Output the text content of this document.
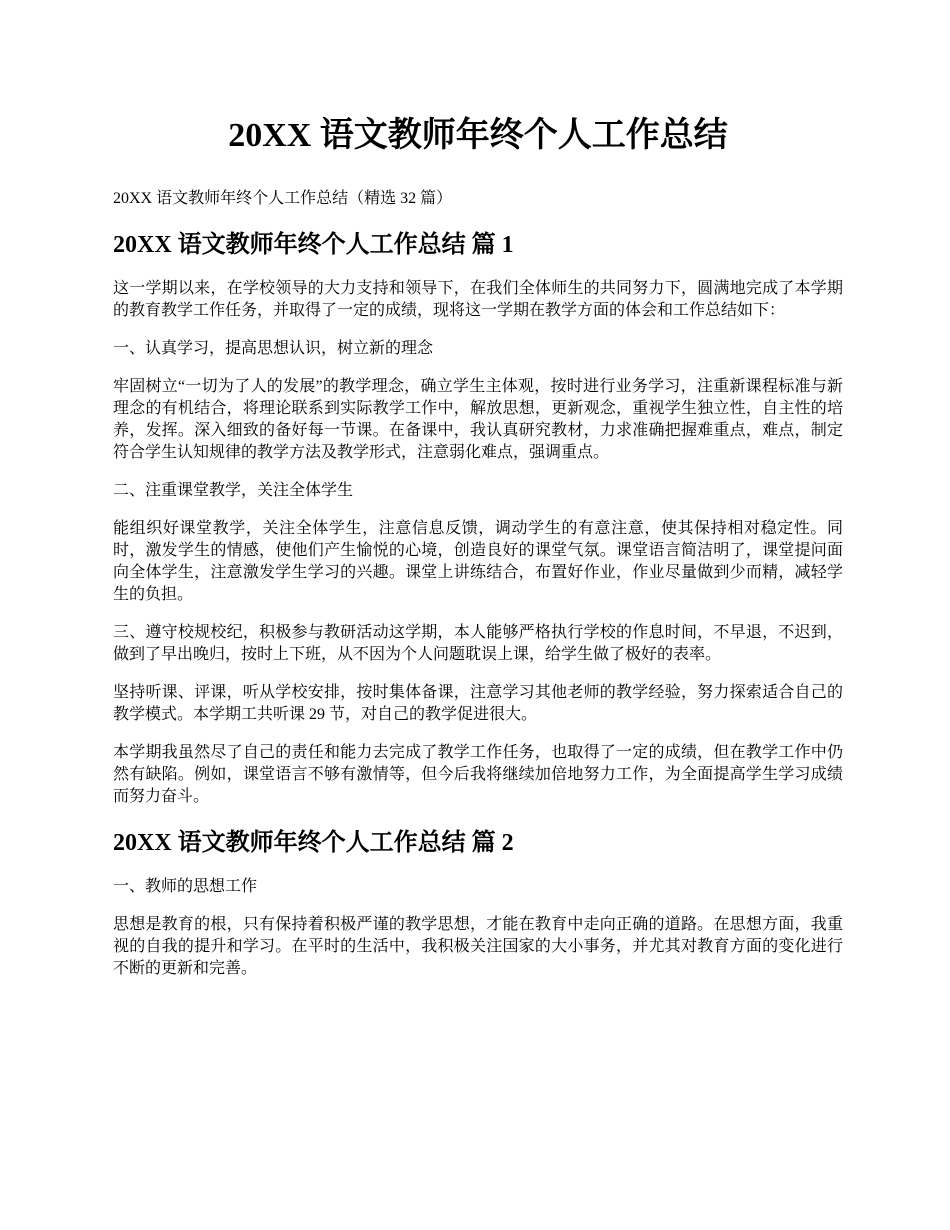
20XX 语文教师年终个人工作总结

20XX 语文教师年终个人工作总结（精选 32 篇）

20XX 语文教师年终个人工作总结 篇 1

这一学期以来，在学校领导的大力支持和领导下，在我们全体师生的共同努力下，圆满地完成了本学期的教育教学工作任务，并取得了一定的成绩，现将这一学期在教学方面的体会和工作总结如下：

一、认真学习，提高思想认识，树立新的理念

牢固树立“一切为了人的发展”的教学理念，确立学生主体观，按时进行业务学习，注重新课程标准与新理念的有机结合，将理论联系到实际教学工作中，解放思想，更新观念，重视学生独立性，自主性的培养，发挥。深入细致的备好每一节课。在备课中，我认真研究教材，力求准确把握难重点，难点，制定符合学生认知规律的教学方法及教学形式，注意弱化难点，强调重点。

二、注重课堂教学，关注全体学生

能组织好课堂教学，关注全体学生，注意信息反馈，调动学生的有意注意，使其保持相对稳定性。同时，激发学生的情感，使他们产生愉悦的心境，创造良好的课堂气氛。课堂语言简洁明了，课堂提问面向全体学生，注意激发学生学习的兴趣。课堂上讲练结合，布置好作业，作业尽量做到少而精，减轻学生的负担。

三、遵守校规校纪，积极参与教研活动这学期，本人能够严格执行学校的作息时间，不早退，不迟到，做到了早出晚归，按时上下班，从不因为个人问题耽误上课，给学生做了极好的表率。

坚持听课、评课，听从学校安排，按时集体备课，注意学习其他老师的教学经验，努力探索适合自己的教学模式。本学期工共听课 29 节，对自己的教学促进很大。

本学期我虽然尽了自己的责任和能力去完成了教学工作任务，也取得了一定的成绩，但在教学工作中仍然有缺陷。例如，课堂语言不够有激情等，但今后我将继续加倍地努力工作，为全面提高学生学习成绩而努力奋斗。

20XX 语文教师年终个人工作总结 篇 2

一、教师的思想工作

思想是教育的根，只有保持着积极严谨的教学思想，才能在教育中走向正确的道路。在思想方面，我重视的自我的提升和学习。在平时的生活中，我积极关注国家的大小事务，并尤其对教育方面的变化进行不断的更新和完善。
